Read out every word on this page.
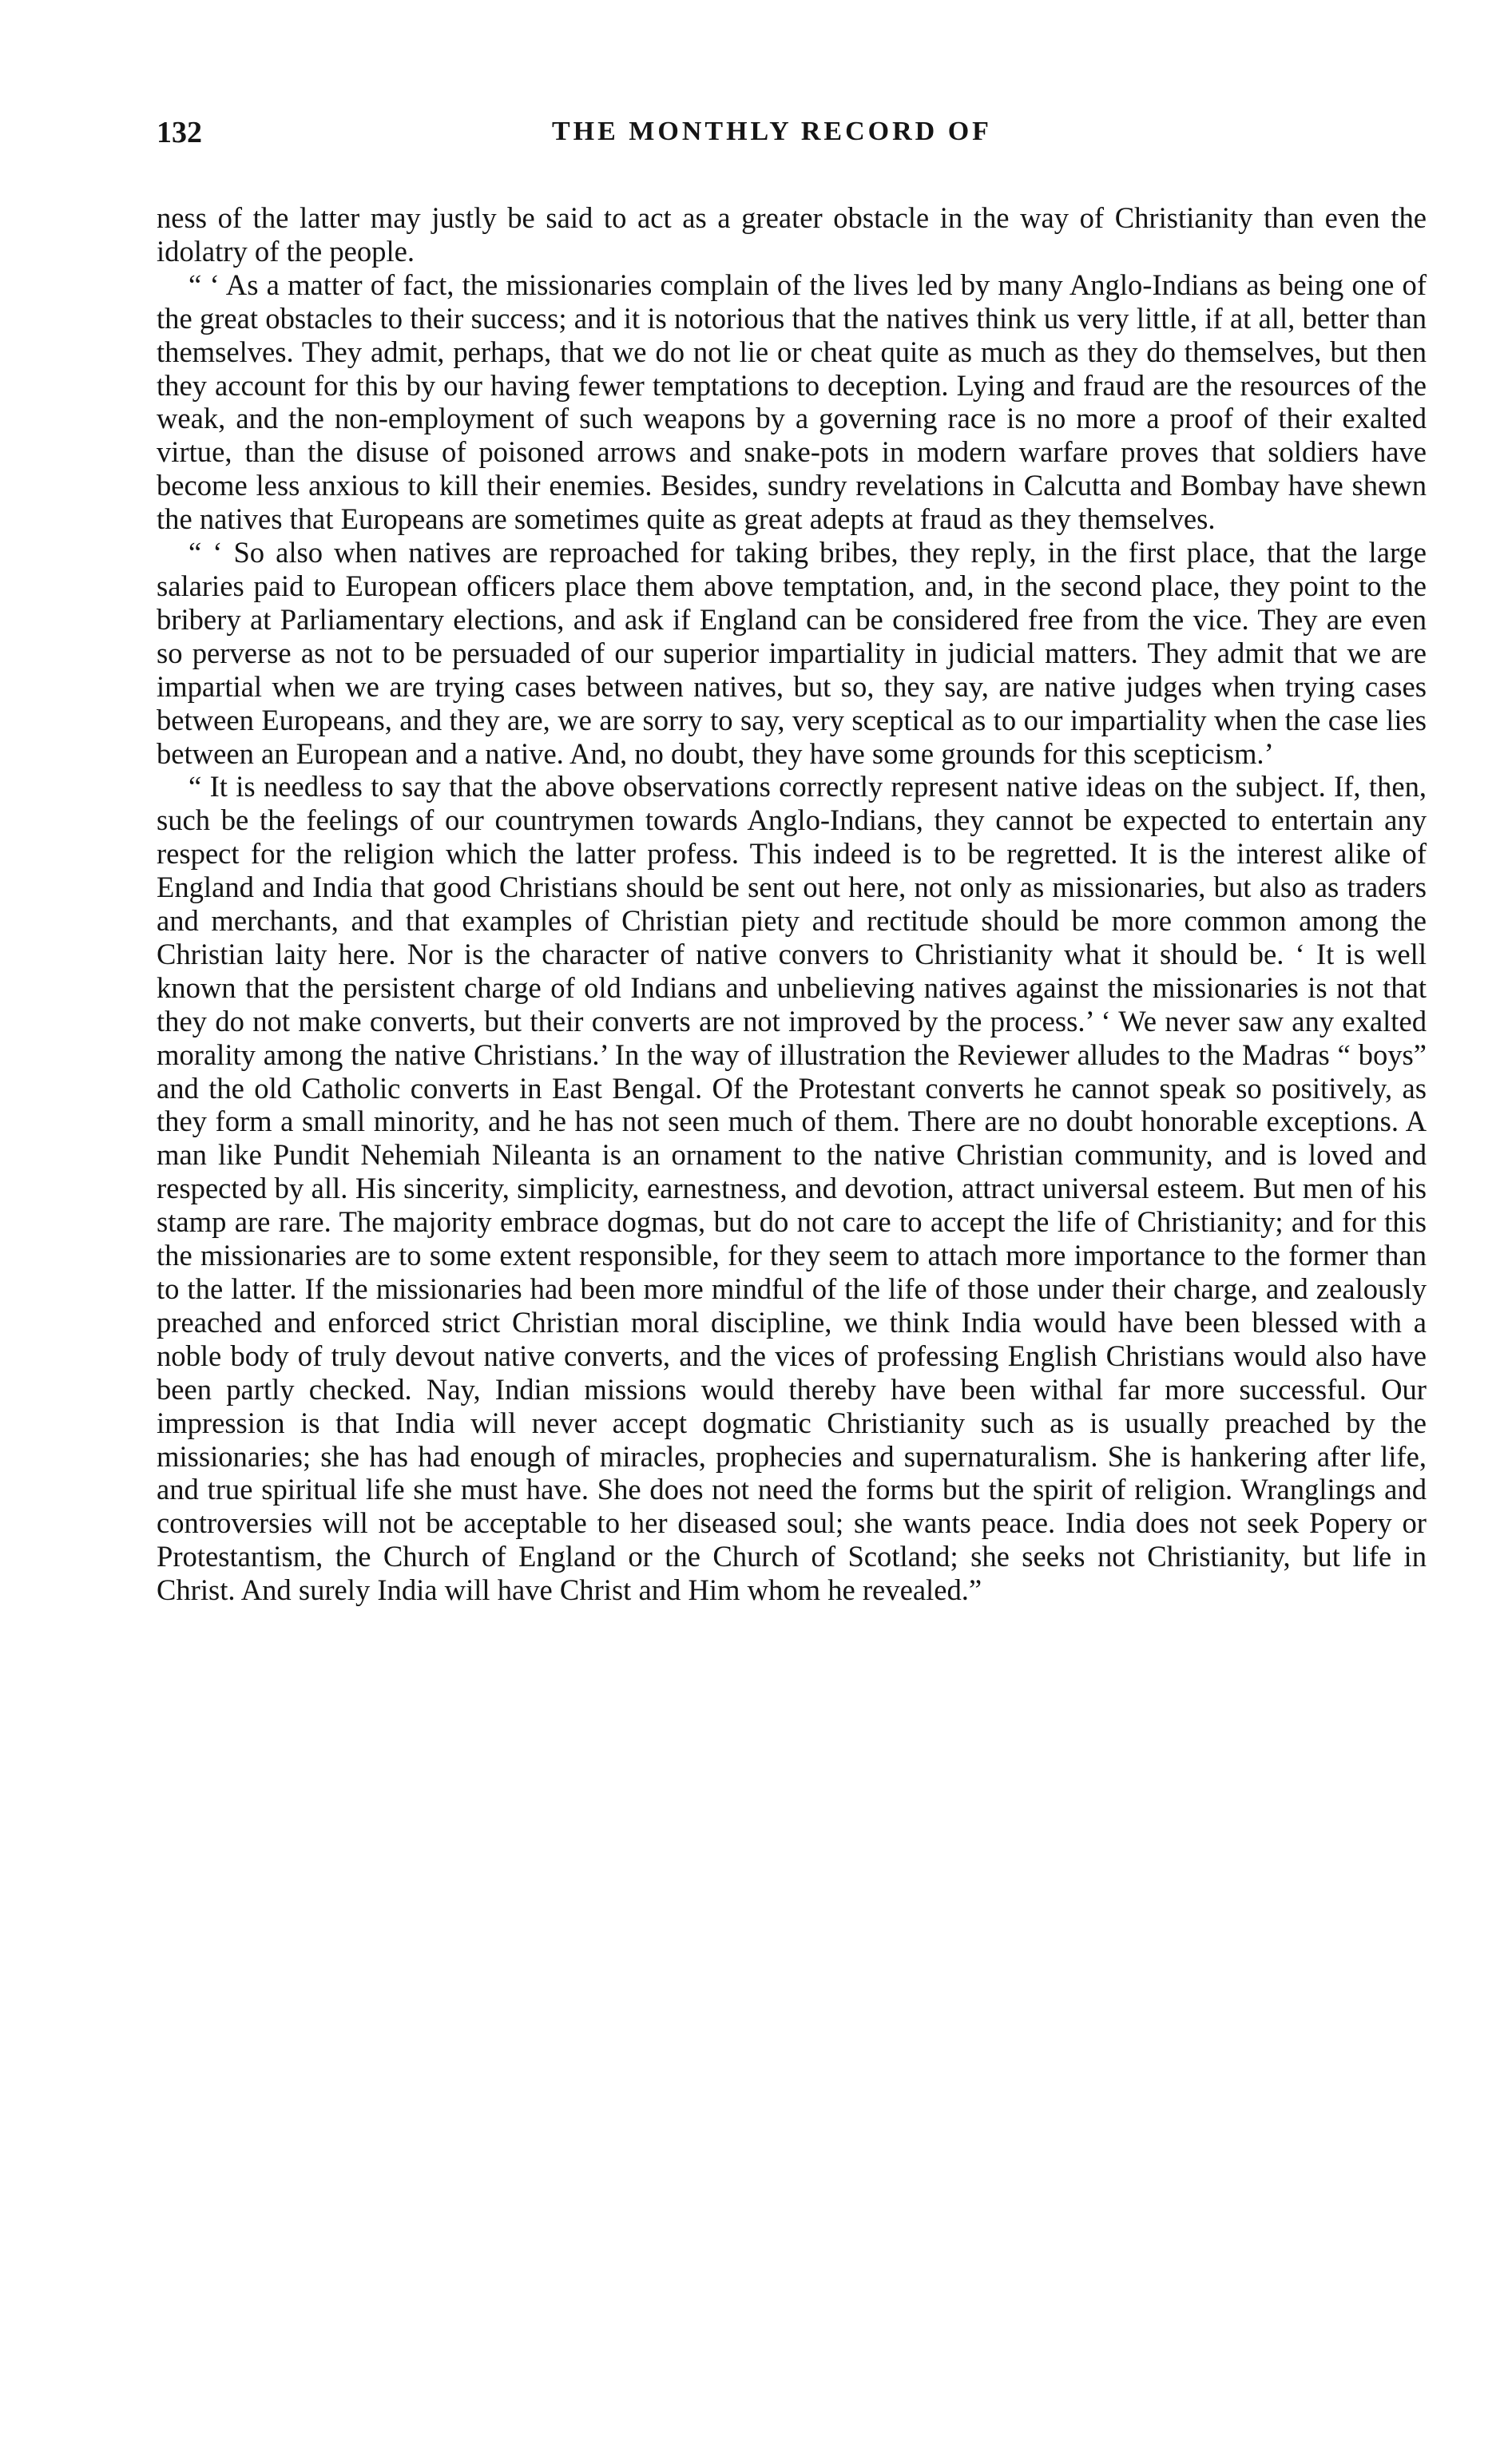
132	THE MONTHLY RECORD OF

ness of the latter may justly be said to act as a greater obstacle in the way of Christianity than even the idolatry of the people.

“ ‘ As a matter of fact, the missionaries complain of the lives led by many Anglo-Indians as being one of the great obstacles to their success; and it is notorious that the natives think us very little, if at all, better than themselves. They admit, perhaps, that we do not lie or cheat quite as much as they do themselves, but then they account for this by our having fewer temptations to deception. Lying and fraud are the resources of the weak, and the non-employment of such weapons by a governing race is no more a proof of their exalted virtue, than the disuse of poisoned arrows and snake-pots in modern warfare proves that soldiers have become less anxious to kill their enemies. Besides, sundry revelations in Calcutta and Bombay have shewn the natives that Europeans are sometimes quite as great adepts at fraud as they themselves.

“ ‘ So also when natives are reproached for taking bribes, they reply, in the first place, that the large salaries paid to European officers place them above temptation, and, in the second place, they point to the bribery at Parliamentary elections, and ask if England can be considered free from the vice. They are even so perverse as not to be persuaded of our superior impartiality in judicial matters. They admit that we are impartial when we are trying cases between natives, but so, they say, are native judges when trying cases between Europeans, and they are, we are sorry to say, very sceptical as to our impartiality when the case lies between an European and a native. And, no doubt, they have some grounds for this scepticism.’

“ It is needless to say that the above observations correctly represent native ideas on the subject. If, then, such be the feelings of our countrymen towards Anglo-Indians, they cannot be expected to entertain any respect for the religion which the latter profess. This indeed is to be regretted. It is the interest alike of England and India that good Christians should be sent out here, not only as missionaries, but also as traders and merchants, and that examples of Christian piety and rectitude should be more common among the Christian laity here. Nor is the character of native convers to Christianity what it should be. ‘ It is well known that the persistent charge of old Indians and unbelieving natives against the missionaries is not that they do not make converts, but their converts are not improved by the process.’ ‘ We never saw any exalted morality among the native Christians.’ In the way of illustration the Reviewer alludes to the Madras “ boys” and the old Catholic converts in East Bengal. Of the Protestant converts he cannot speak so positively, as they form a small minority, and he has not seen much of them. There are no doubt honorable exceptions. A man like Pundit Nehemiah Nileanta is an ornament to the native Christian community, and is loved and respected by all. His sincerity, simplicity, earnestness, and devotion, attract universal esteem. But men of his stamp are rare. The majority embrace dogmas, but do not care to accept the life of Christianity; and for this the missionaries are to some extent responsible, for they seem to attach more importance to the former than to the latter. If the missionaries had been more mindful of the life of those under their charge, and zealously preached and enforced strict Christian moral discipline, we think India would have been blessed with a noble body of truly devout native converts, and the vices of professing English Christians would also have been partly checked. Nay, Indian missions would thereby have been withal far more successful. Our impression is that India will never accept dogmatic Christianity such as is usually preached by the missionaries; she has had enough of miracles, prophecies and supernaturalism. She is hankering after life, and true spiritual life she must have. She does not need the forms but the spirit of religion. Wranglings and controversies will not be acceptable to her diseased soul; she wants peace. India does not seek Popery or Protestantism, the Church of England or the Church of Scotland; she seeks not Christianity, but life in Christ. And surely India will have Christ and Him whom he revealed.”
